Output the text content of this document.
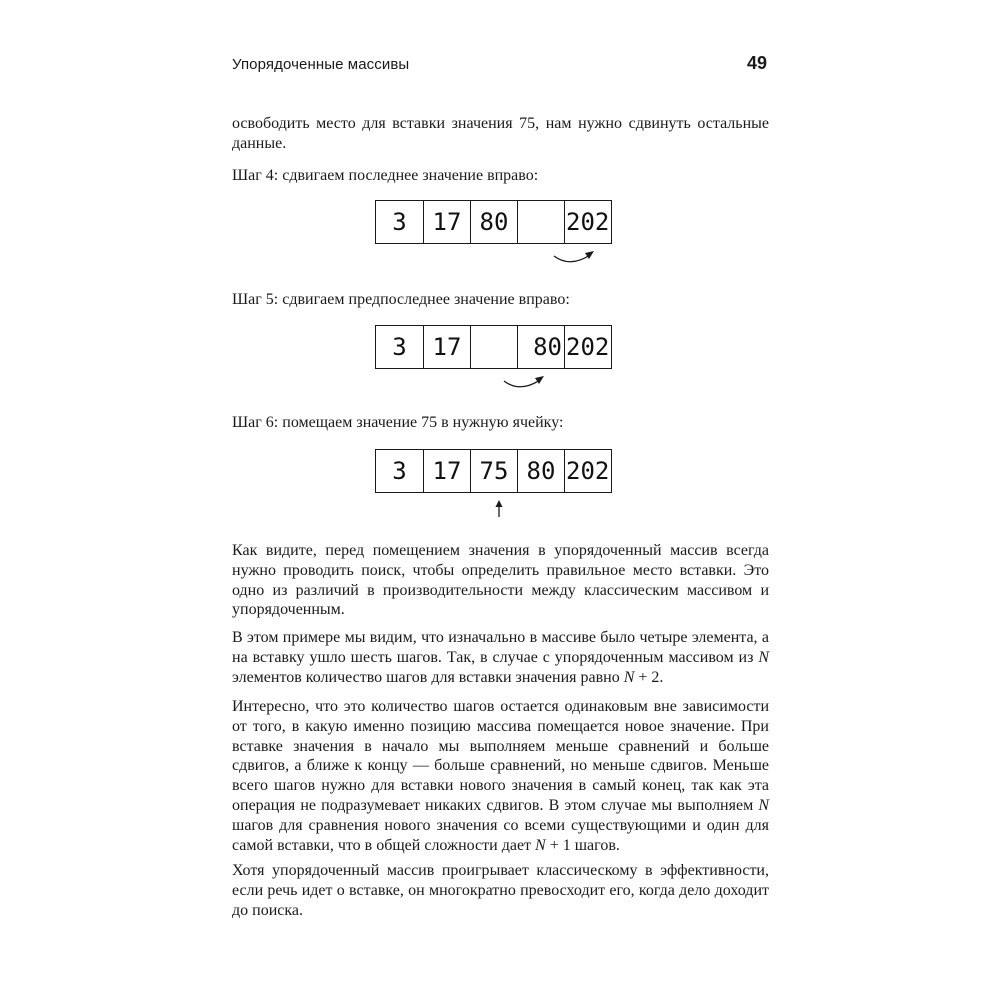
Упорядоченные массивы	49

освободить место для вставки значения 75, нам нужно сдвинуть остальные данные.

Шаг 4: сдвигаем последнее значение вправо:

3	17 80	202

Шаг 5: сдвигаем предпоследнее значение вправо:

3	17	80 202

Шаг 6: помещаем значение 75 в нужную ячейку:

3	17 75 80 202

Как видите, перед помещением значения в упорядоченный массив всегда нужно проводить поиск, чтобы определить правильное место вставки. Это одно из различий в производительности между классическим массивом и упорядоченным.

В этом примере мы видим, что изначально в массиве было четыре элемента, а на вставку ушло шесть шагов. Так, в случае с упорядоченным массивом из N элементов количество шагов для вставки значения равно N + 2.

Интересно, что это количество шагов остается одинаковым вне зависимости от того, в какую именно позицию массива помещается новое значение. При вставке значения в начало мы выполняем меньше сравнений и больше сдвигов, а ближе к концу — больше сравнений, но меньше сдвигов. Меньше всего шагов нужно для вставки нового значения в самый конец, так как эта операция не подразумевает никаких сдвигов. В этом случае мы выполняем N шагов для сравнения нового значения со всеми существующими и один для самой вставки, что в общей сложности дает N + 1 шагов.

Хотя упорядоченный массив проигрывает классическому в эффективности, если речь идет о вставке, он многократно превосходит его, когда дело доходит до поиска.
